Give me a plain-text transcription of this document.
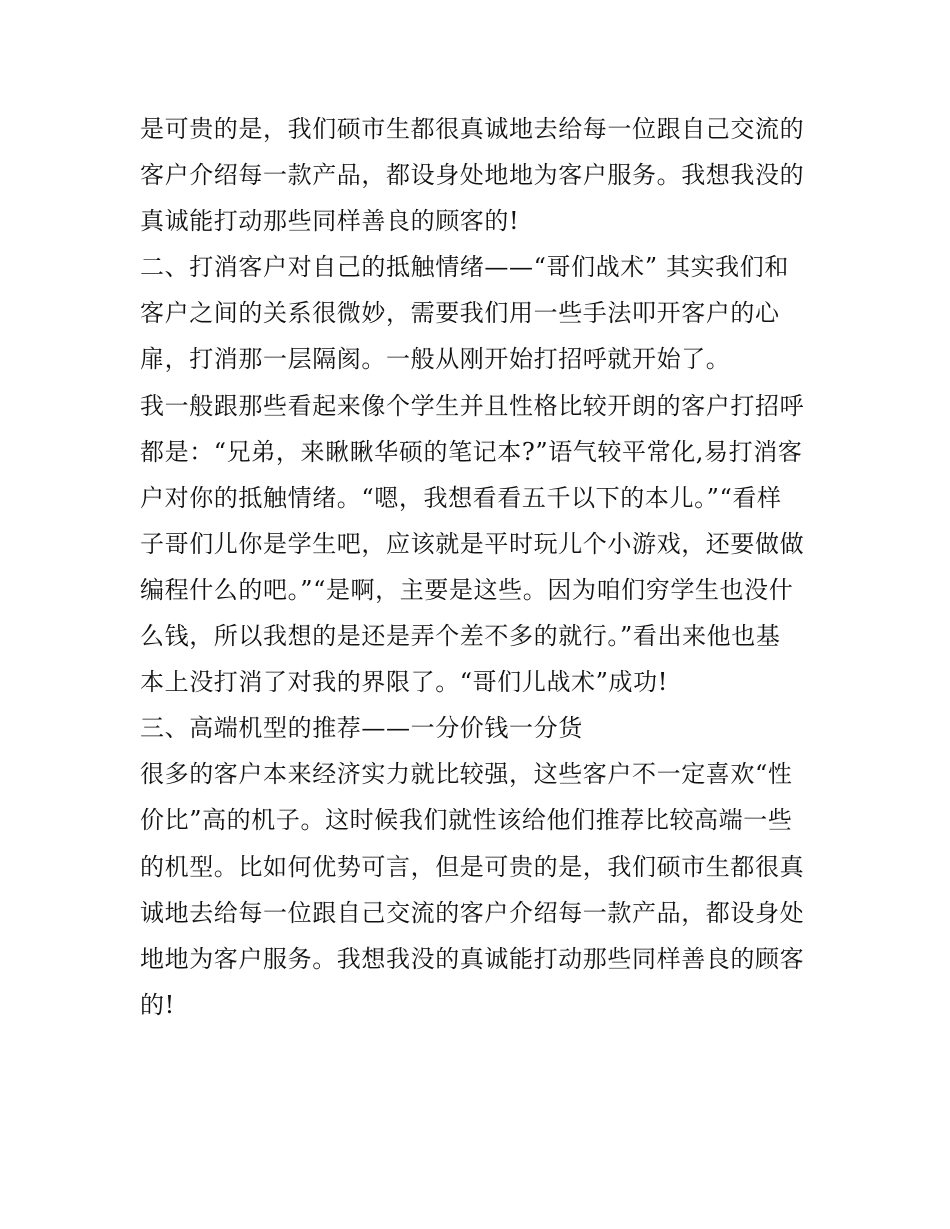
是可贵的是，我们硕市生都很真诚地去给每一位跟自己交流的
客户介绍每一款产品，都设身处地地为客户服务。我想我没的
真诚能打动那些同样善良的顾客的!
二、打消客户对自己的抵触情绪——“哥们战术” 其实我们和
客户之间的关系很微妙，需要我们用一些手法叩开客户的心
扉，打消那一层隔阂。一般从刚开始打招呼就开始了。
我一般跟那些看起来像个学生并且性格比较开朗的客户打招呼
都是：“兄弟，来瞅瞅华硕的笔记本?”语气较平常化,易打消客
户对你的抵触情绪。“嗯，我想看看五千以下的本儿。”“看样
子哥们儿你是学生吧，应该就是平时玩儿个小游戏，还要做做
编程什么的吧。”“是啊，主要是这些。因为咱们穷学生也没什
么钱，所以我想的是还是弄个差不多的就行。”看出来他也基
本上没打消了对我的界限了。“哥们儿战术”成功!
三、高端机型的推荐——一分价钱一分货
很多的客户本来经济实力就比较强，这些客户不一定喜欢“性
价比”高的机子。这时候我们就性该给他们推荐比较高端一些
的机型。比如何优势可言，但是可贵的是，我们硕市生都很真
诚地去给每一位跟自己交流的客户介绍每一款产品，都设身处
地地为客户服务。我想我没的真诚能打动那些同样善良的顾客
的!
